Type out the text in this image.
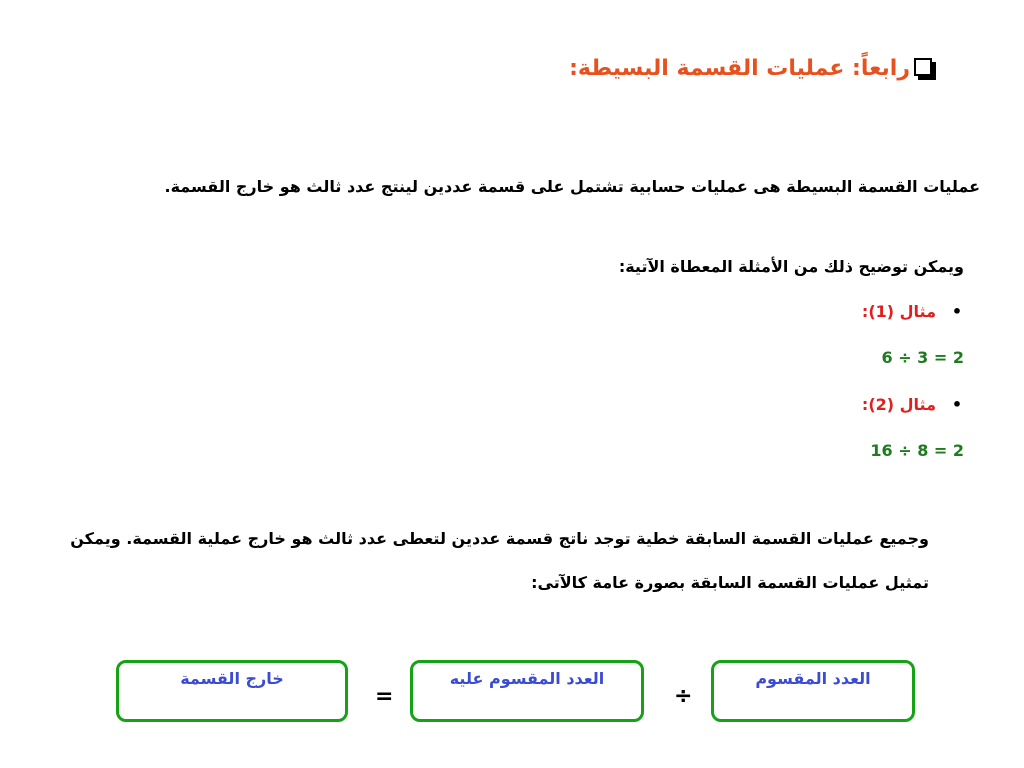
رابعاً: عمليات القسمة البسيطة:
عمليات القسمة البسيطة هى عمليات حسابية تشتمل على قسمة عددين لينتج عدد ثالث هو خارج القسمة.
ويمكن توضيح ذلك من الأمثلة المعطاة الآتية:
•
مثال (1):
6 ÷ 3 = 2
•
مثال (2):
16 ÷ 8 = 2
وجميع عمليات القسمة السابقة خطية توجد ناتج قسمة عددين لتعطى عدد ثالث هو خارج عملية القسمة. ويمكن تمثيل عمليات القسمة السابقة بصورة عامة كالآتى:
العدد المقسوم
÷
العدد المقسوم عليه
=
خارج القسمة
